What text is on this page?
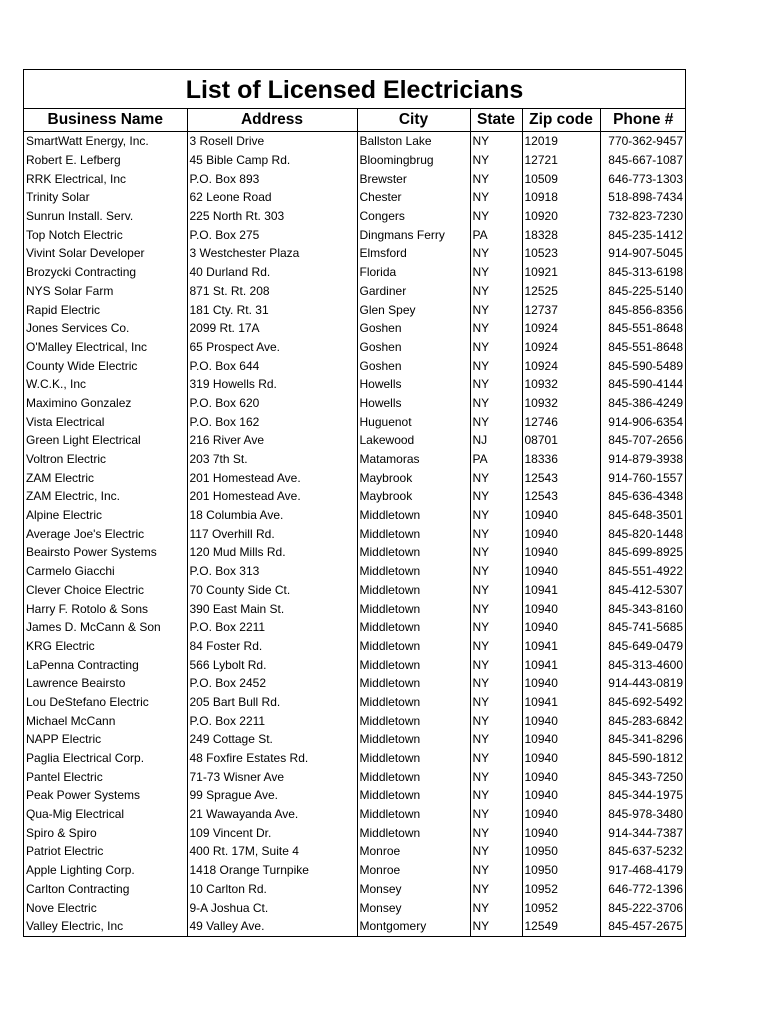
List of Licensed Electricians
Business Name	Address	City	State	Zip code	Phone #
SmartWatt Energy, Inc.	3 Rosell Drive	Ballston Lake	NY	12019	770-362-9457
Robert E. Lefberg	45 Bible Camp Rd.	Bloomingbrug	NY	12721	845-667-1087
RRK Electrical, Inc	P.O. Box 893	Brewster	NY	10509	646-773-1303
Trinity Solar	62 Leone Road	Chester	NY	10918	518-898-7434
Sunrun Install. Serv.	225 North Rt. 303	Congers	NY	10920	732-823-7230
Top Notch Electric	P.O. Box 275	Dingmans Ferry	PA	18328	845-235-1412
Vivint Solar Developer	3 Westchester Plaza	Elmsford	NY	10523	914-907-5045
Brozycki Contracting	40 Durland Rd.	Florida	NY	10921	845-313-6198
NYS Solar Farm	871 St. Rt. 208	Gardiner	NY	12525	845-225-5140
Rapid Electric	181 Cty. Rt. 31	Glen Spey	NY	12737	845-856-8356
Jones Services Co.	2099 Rt. 17A	Goshen	NY	10924	845-551-8648
O'Malley Electrical, Inc	65 Prospect Ave.	Goshen	NY	10924	845-551-8648
County Wide Electric	P.O. Box 644	Goshen	NY	10924	845-590-5489
W.C.K., Inc	319 Howells Rd.	Howells	NY	10932	845-590-4144
Maximino Gonzalez	P.O. Box 620	Howells	NY	10932	845-386-4249
Vista Electrical	P.O. Box 162	Huguenot	NY	12746	914-906-6354
Green Light Electrical	216 River Ave	Lakewood	NJ	08701	845-707-2656
Voltron Electric	203 7th St.	Matamoras	PA	18336	914-879-3938
ZAM Electric	201 Homestead Ave.	Maybrook	NY	12543	914-760-1557
ZAM Electric, Inc.	201 Homestead Ave.	Maybrook	NY	12543	845-636-4348
Alpine Electric	18 Columbia Ave.	Middletown	NY	10940	845-648-3501
Average Joe's Electric	117 Overhill Rd.	Middletown	NY	10940	845-820-1448
Beairsto Power Systems	120 Mud Mills Rd.	Middletown	NY	10940	845-699-8925
Carmelo Giacchi	P.O. Box 313	Middletown	NY	10940	845-551-4922
Clever Choice Electric	70 County Side Ct.	Middletown	NY	10941	845-412-5307
Harry F. Rotolo & Sons	390 East Main St.	Middletown	NY	10940	845-343-8160
James D. McCann & Son	P.O. Box 2211	Middletown	NY	10940	845-741-5685
KRG Electric	84 Foster Rd.	Middletown	NY	10941	845-649-0479
LaPenna Contracting	566 Lybolt Rd.	Middletown	NY	10941	845-313-4600
Lawrence Beairsto	P.O. Box 2452	Middletown	NY	10940	914-443-0819
Lou DeStefano Electric	205 Bart Bull Rd.	Middletown	NY	10941	845-692-5492
Michael McCann	P.O. Box 2211	Middletown	NY	10940	845-283-6842
NAPP Electric	249 Cottage St.	Middletown	NY	10940	845-341-8296
Paglia Electrical Corp.	48 Foxfire Estates Rd.	Middletown	NY	10940	845-590-1812
Pantel Electric	71-73 Wisner Ave	Middletown	NY	10940	845-343-7250
Peak Power Systems	99 Sprague Ave.	Middletown	NY	10940	845-344-1975
Qua-Mig Electrical	21 Wawayanda Ave.	Middletown	NY	10940	845-978-3480
Spiro & Spiro	109 Vincent Dr.	Middletown	NY	10940	914-344-7387
Patriot Electric	400 Rt. 17M, Suite 4	Monroe	NY	10950	845-637-5232
Apple Lighting Corp.	1418 Orange Turnpike	Monroe	NY	10950	917-468-4179
Carlton Contracting	10 Carlton Rd.	Monsey	NY	10952	646-772-1396
Nove Electric	9-A Joshua Ct.	Monsey	NY	10952	845-222-3706
Valley Electric, Inc	49 Valley Ave.	Montgomery	NY	12549	845-457-2675
